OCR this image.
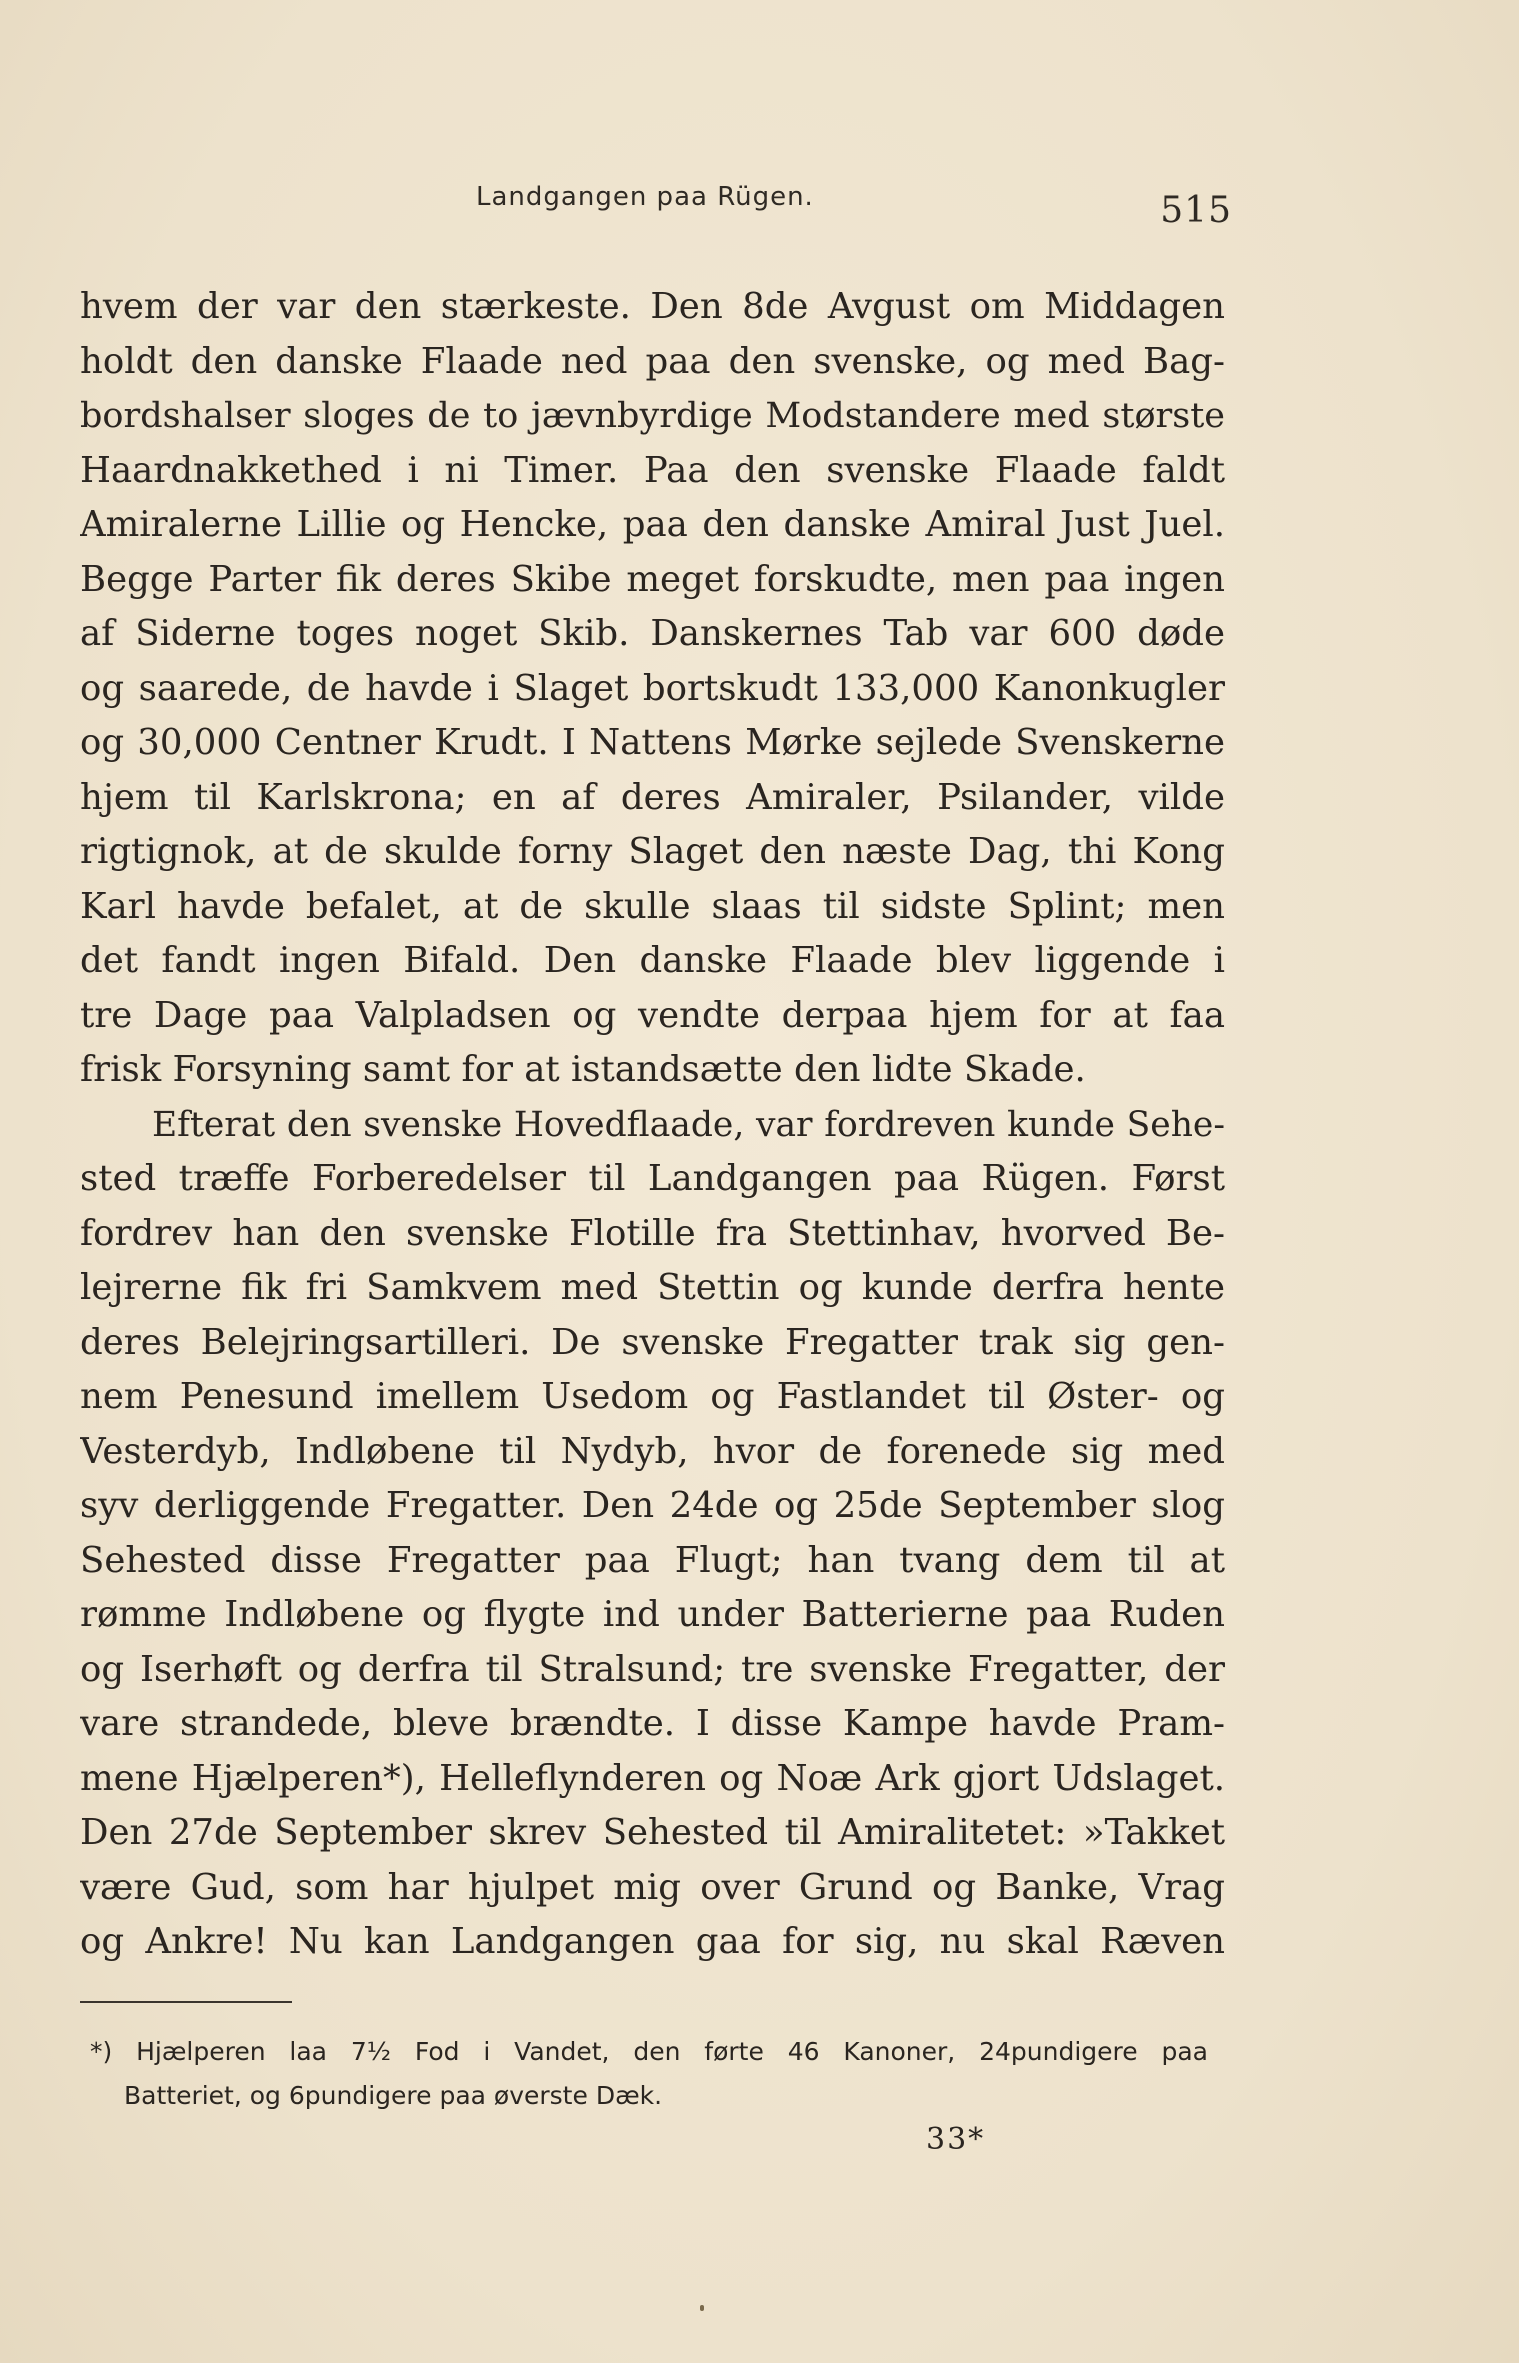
Landgangen paa Rügen.	515
hvem der var den stærkeste. Den 8de Avgust om Middagen
holdt den danske Flaade ned paa den svenske, og med Bag-
bordshalser sloges de to jævnbyrdige Modstandere med største
Haardnakkethed i ni Timer. Paa den svenske Flaade faldt
Amiralerne Lillie og Hencke, paa den danske Amiral Just Juel.
Begge Parter fik deres Skibe meget forskudte, men paa ingen
af Siderne toges noget Skib. Danskernes Tab var 600 døde
og saarede, de havde i Slaget bortskudt 133,000 Kanonkugler
og 30,000 Centner Krudt. I Nattens Mørke sejlede Svenskerne
hjem til Karlskrona; en af deres Amiraler, Psilander, vilde
rigtignok, at de skulde forny Slaget den næste Dag, thi Kong
Karl havde befalet, at de skulle slaas til sidste Splint; men
det fandt ingen Bifald. Den danske Flaade blev liggende i
tre Dage paa Valpladsen og vendte derpaa hjem for at faa
frisk Forsyning samt for at istandsætte den lidte Skade.
Efterat den svenske Hovedflaade, var fordreven kunde Sehe-
sted træffe Forberedelser til Landgangen paa Rügen. Først
fordrev han den svenske Flotille fra Stettinhav, hvorved Be-
lejrerne fik fri Samkvem med Stettin og kunde derfra hente
deres Belejringsartilleri. De svenske Fregatter trak sig gen-
nem Penesund imellem Usedom og Fastlandet til Øster- og
Vesterdyb, Indløbene til Nydyb, hvor de forenede sig med
syv derliggende Fregatter. Den 24de og 25de September slog
Sehested disse Fregatter paa Flugt; han tvang dem til at
rømme Indløbene og flygte ind under Batterierne paa Ruden
og Iserhøft og derfra til Stralsund; tre svenske Fregatter, der
vare strandede, bleve brændte. I disse Kampe havde Pram-
mene Hjælperen*), Helleflynderen og Noæ Ark gjort Udslaget.
Den 27de September skrev Sehested til Amiralitetet: »Takket
være Gud, som har hjulpet mig over Grund og Banke, Vrag
og Ankre! Nu kan Landgangen gaa for sig, nu skal Ræven
*) Hjælperen laa 7½ Fod i Vandet, den førte 46 Kanoner, 24pundigere paa
Batteriet, og 6pundigere paa øverste Dæk.
33*
